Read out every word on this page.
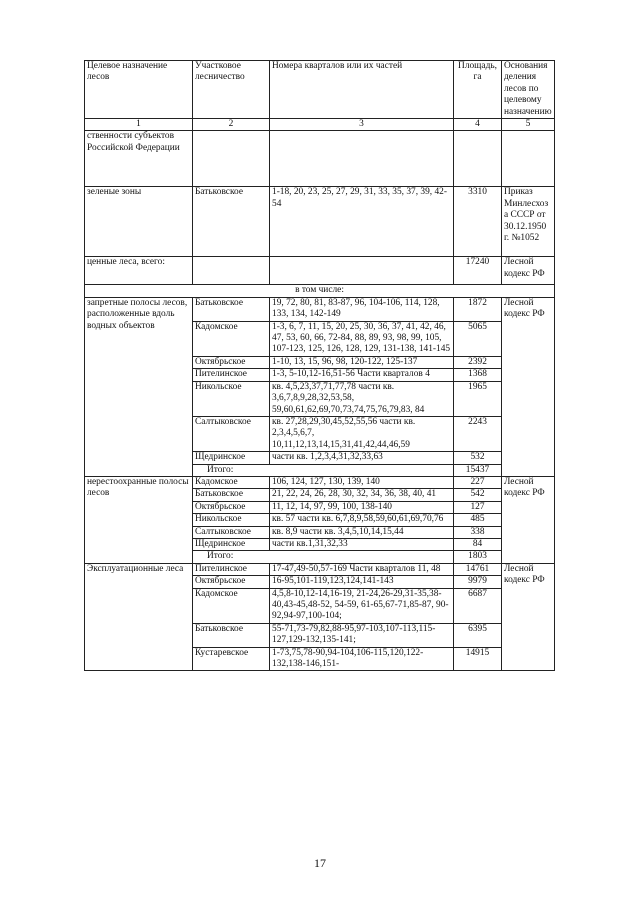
Целевое назначение лесов	Участковое лесничество	Номера кварталов или их частей	Площадь, га	Основания деления лесов по целевому назначению
1	2	3	4	5
ственности субъектов Российской Федерации				
зеленые зоны	Батьковское	1-18, 20, 23, 25, 27, 29, 31, 33, 35, 37, 39, 42-54	3310	Приказ Минлесхоза СССР от 30.12.1950 г. №1052
ценные леса, всего:			17240	Лесной кодекс РФ
в том числе:				
запретные полосы лесов, расположенные вдоль водных объектов	Батьковское	19, 72, 80, 81, 83-87, 96, 104-106, 114, 128, 133, 134, 142-149	1872	Лесной кодекс РФ
	Кадомское	1-3, 6, 7, 11, 15, 20, 25, 30, 36, 37, 41, 42, 46, 47, 53, 60, 66, 72-84, 88, 89, 93, 98, 99, 105, 107-123, 125, 126, 128, 129, 131-138, 141-145	5065	
	Октябрьское	1-10, 13, 15, 96, 98, 120-122, 125-137	2392	
	Пителинское	1-3, 5-10,12-16,51-56 Части кварталов 4	1368	
	Никольское	кв. 4,5,23,37,71,77,78 части кв. 3,6,7,8,9,28,32,53,58, 59,60,61,62,69,70,73,74,75,76,79,83, 84	1965	
	Салтыковское	кв. 27,28,29,30,45,52,55,56 части кв. 2,3,4,5,6,7, 10,11,12,13,14,15,31,41,42,44,46,59	2243	
	Щедринское	части кв. 1,2,3,4,31,32,33,63	532	
	Итого:		15437	
нерестоохранные полосы лесов	Кадомское	106, 124, 127, 130, 139, 140	227	Лесной кодекс РФ
	Батьковское	21, 22, 24, 26, 28, 30, 32, 34, 36, 38, 40, 41	542	
	Октябрьское	11, 12, 14, 97, 99, 100, 138-140	127	
	Никольское	кв. 57 части кв. 6,7,8,9,58,59,60,61,69,70,76	485	
	Салтыковское	кв. 8,9 части кв. 3,4,5,10,14,15,44	338	
	Щедринское	части кв.1,31,32,33	84	
	Итого:		1803	
Эксплуатационные леса	Пителинское	17-47,49-50,57-169 Части кварталов 11, 48	14761	Лесной кодекс РФ
	Октябрьское	16-95,101-119,123,124,141-143	9979	
	Кадомское	4,5,8-10,12-14,16-19, 21-24,26-29,31-35,38-40,43-45,48-52, 54-59, 61-65,67-71,85-87, 90-92,94-97,100-104;	6687	
	Батьковское	55-71,73-79,82,88-95,97-103,107-113,115-127,129-132,135-141;	6395	
	Кустаревское	1-73,75,78-90,94-104,106-115,120,122-132,138-146,151-	14915	
17
